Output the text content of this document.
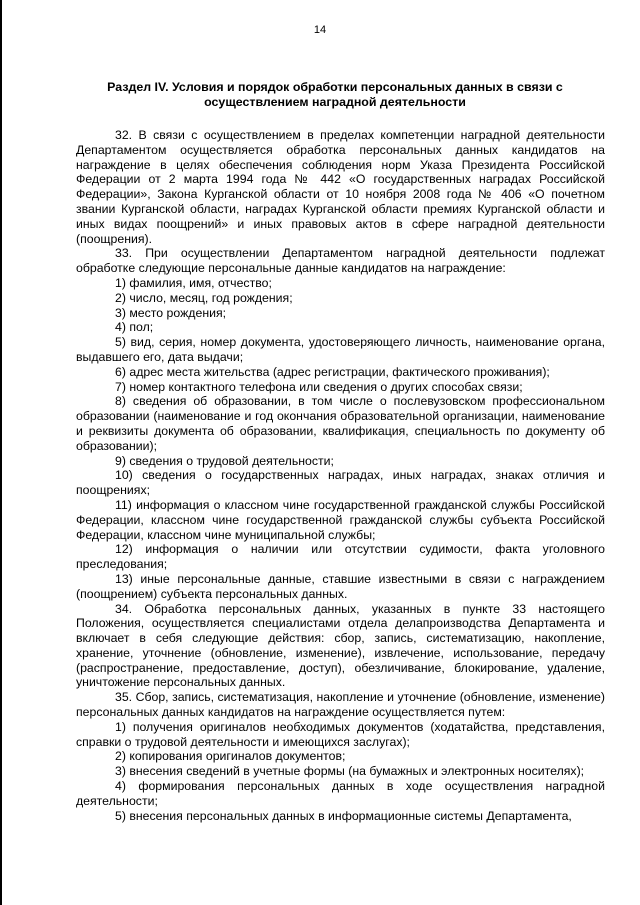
14
Раздел IV. Условия и порядок обработки персональных данных в связи с осуществлением наградной деятельности

32. В связи с осуществлением в пределах компетенции наградной деятельности Департаментом осуществляется обработка персональных данных кандидатов на награждение в целях обеспечения соблюдения норм Указа Президента Российской Федерации от 2 марта 1994 года № 442 «О государственных наградах Российской Федерации», Закона Курганской области от 10 ноября 2008 года № 406 «О почетном звании Курганской области, наградах Курганской области премиях Курганской области и иных видах поощрений» и иных правовых актов в сфере наградной деятельности (поощрения).

33. При осуществлении Департаментом наградной деятельности подлежат обработке следующие персональные данные кандидатов на награждение:

1) фамилия, имя, отчество;

2) число, месяц, год рождения;

3) место рождения;

4) пол;

5) вид, серия, номер документа, удостоверяющего личность, наименование органа, выдавшего его, дата выдачи;

6) адрес места жительства (адрес регистрации, фактического проживания);

7) номер контактного телефона или сведения о других способах связи;

8) сведения об образовании, в том числе о послевузовском профессиональном образовании (наименование и год окончания образовательной организации, наименование и реквизиты документа об образовании, квалификация, специальность по документу об образовании);

9) сведения о трудовой деятельности;

10) сведения о государственных наградах, иных наградах, знаках отличия и поощрениях;

11) информация о классном чине государственной гражданской службы Российской Федерации, классном чине государственной гражданской службы субъекта Российской Федерации, классном чине муниципальной службы;

12) информация о наличии или отсутствии судимости, факта уголовного преследования;

13) иные персональные данные, ставшие известными в связи с награждением (поощрением) субъекта персональных данных.

34. Обработка персональных данных, указанных в пункте 33 настоящего Положения, осуществляется специалистами отдела делапроизводства Департамента и включает в себя следующие действия: сбор, запись, систематизацию, накопление, хранение, уточнение (обновление, изменение), извлечение, использование, передачу (распространение, предоставление, доступ), обезличивание, блокирование, удаление, уничтожение персональных данных.

35. Сбор, запись, систематизация, накопление и уточнение (обновление, изменение) персональных данных кандидатов на награждение осуществляется путем:

1) получения оригиналов необходимых документов (ходатайства, представления, справки о трудовой деятельности и имеющихся заслугах);

2) копирования оригиналов документов;

3) внесения сведений в учетные формы (на бумажных и электронных носителях);

4) формирования персональных данных в ходе осуществления наградной деятельности;

5) внесения персональных данных в информационные системы Департамента,
